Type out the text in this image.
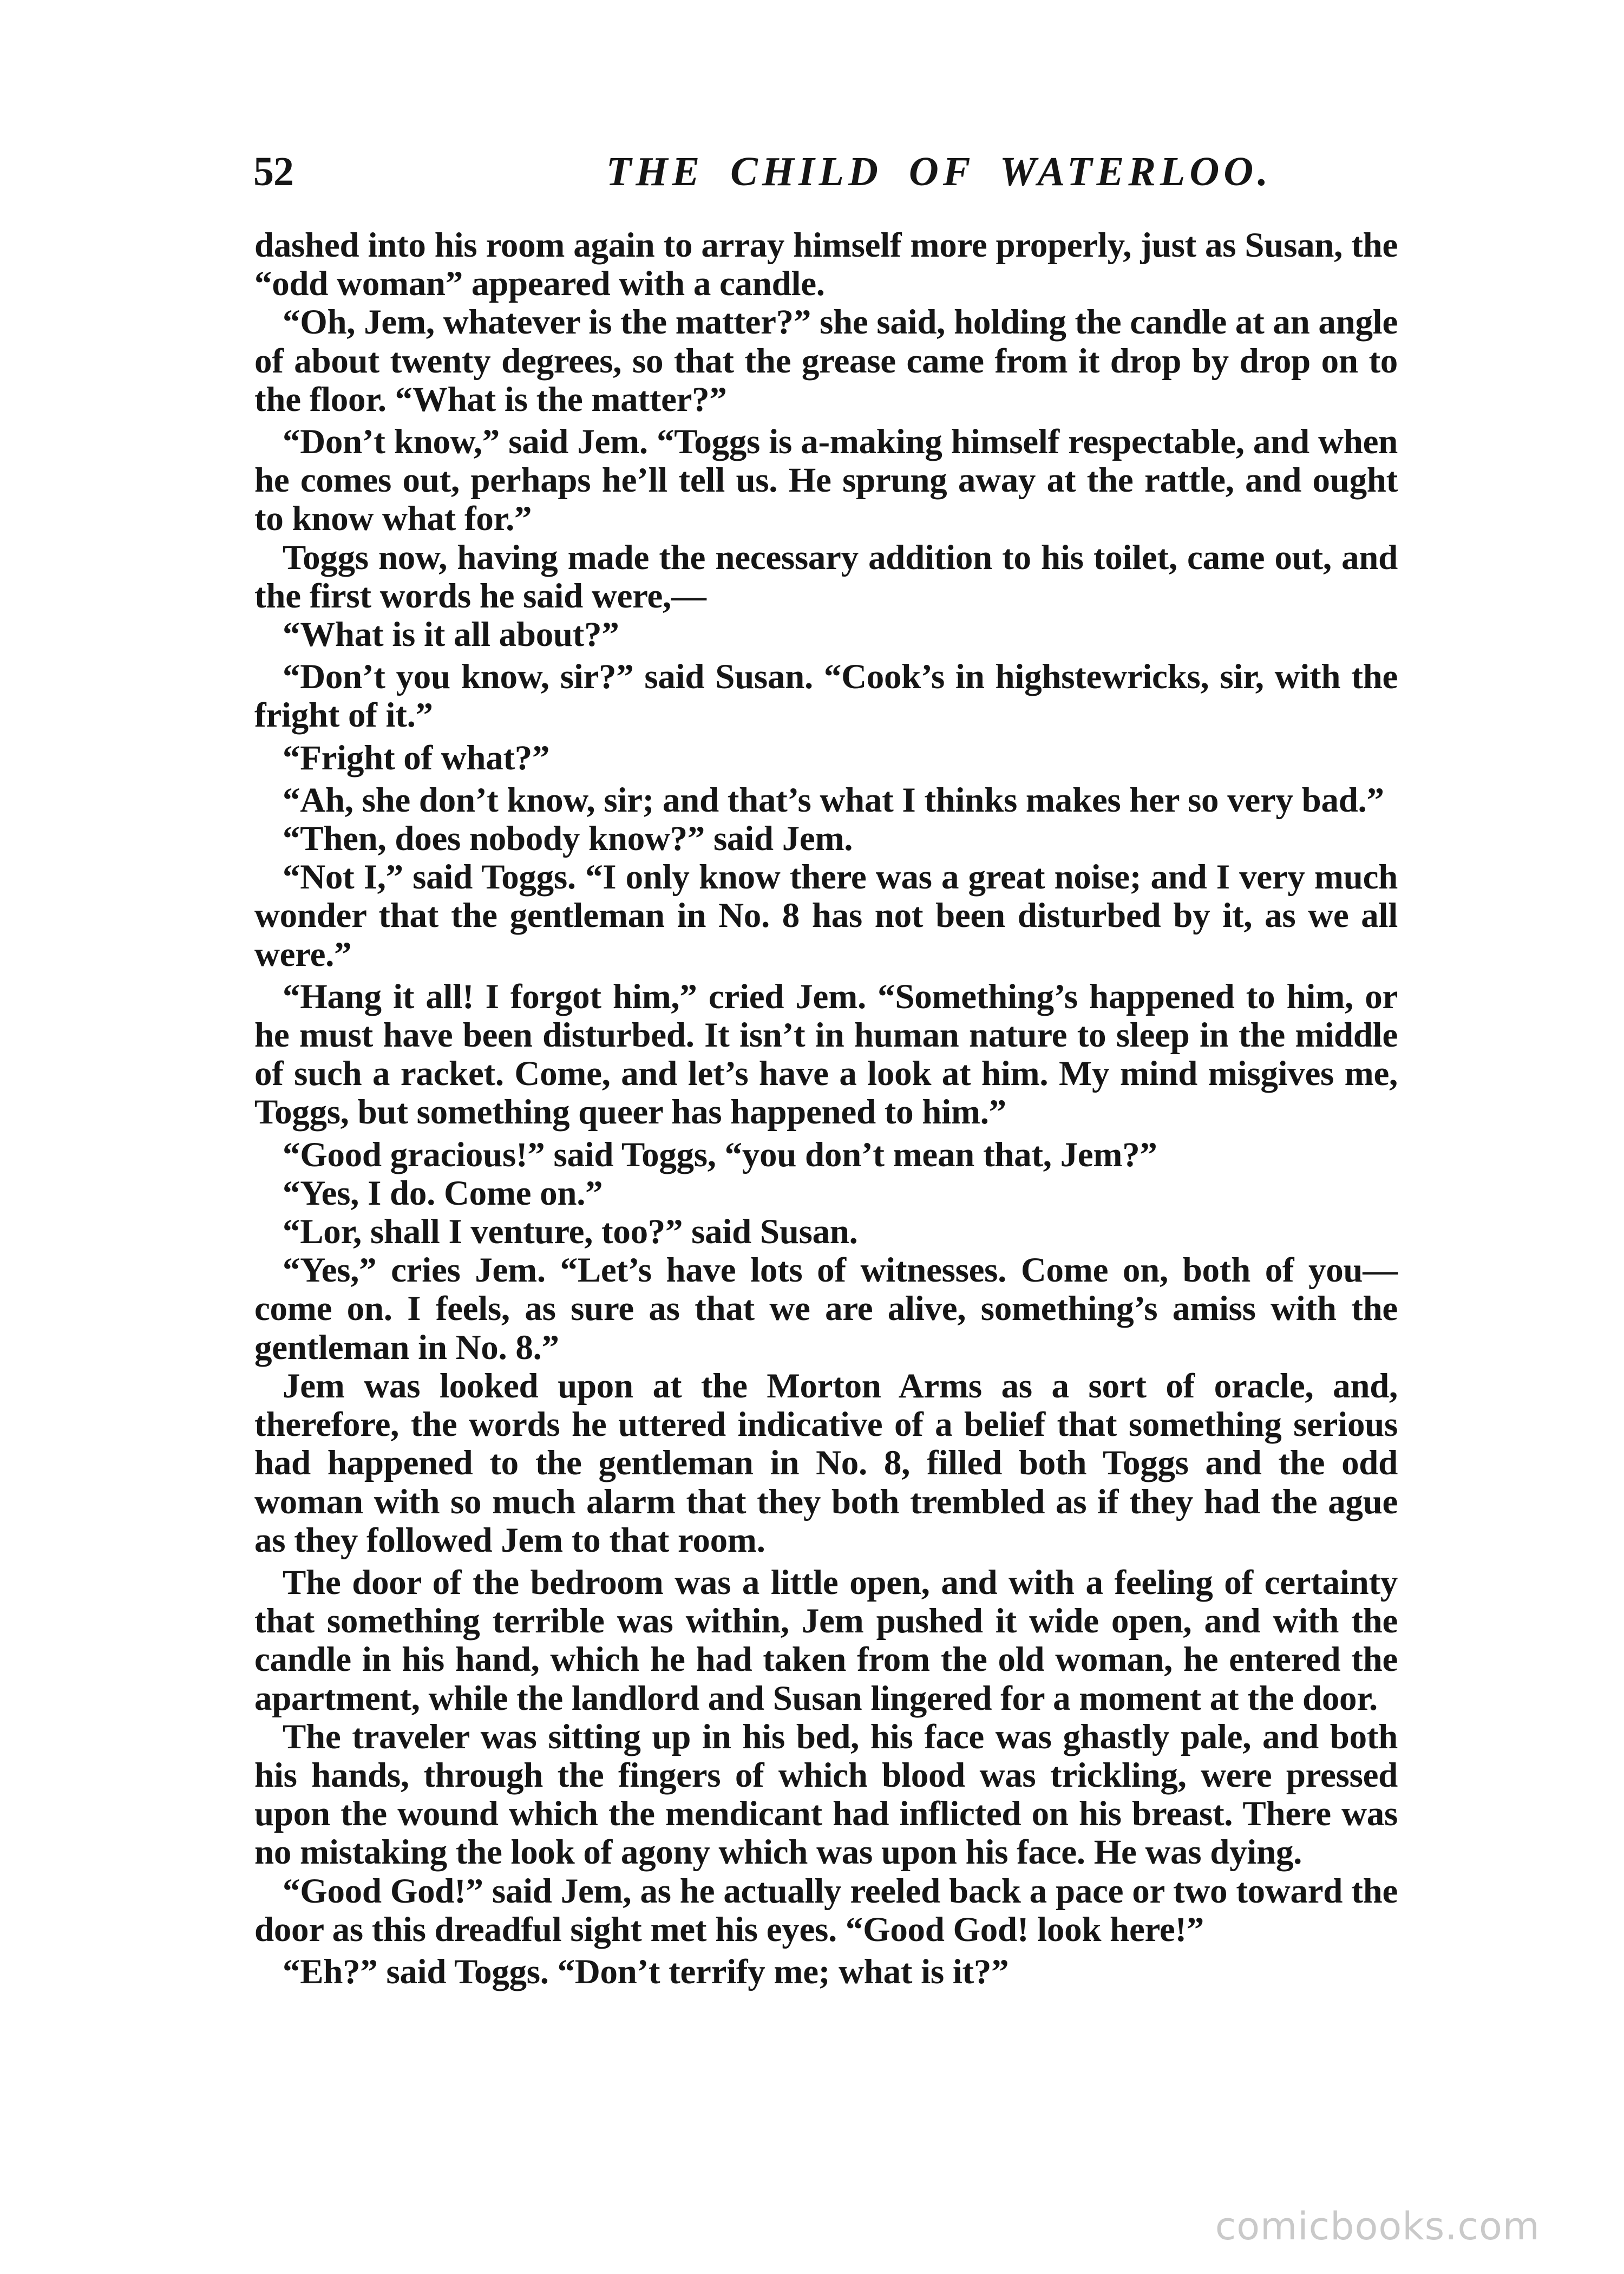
52	THE CHILD OF WATERLOO.

dashed into his room again to array himself more properly, just as Susan, the “odd woman” appeared with a candle.

“Oh, Jem, whatever is the matter?” she said, holding the candle at an angle of about twenty degrees, so that the grease came from it drop by drop on to the floor. “What is the matter?”

“Don’t know,” said Jem. “Toggs is a-making himself respectable, and when he comes out, perhaps he’ll tell us. He sprung away at the rattle, and ought to know what for.”

Toggs now, having made the necessary addition to his toilet, came out, and the first words he said were,—

“What is it all about?”

“Don’t you know, sir?” said Susan. “Cook’s in highstewricks, sir, with the fright of it.”

“Fright of what?”

“Ah, she don’t know, sir; and that’s what I thinks makes her so very bad.”

“Then, does nobody know?” said Jem.

“Not I,” said Toggs. “I only know there was a great noise; and I very much wonder that the gentleman in No. 8 has not been disturbed by it, as we all were.”

“Hang it all! I forgot him,” cried Jem. “Something’s happened to him, or he must have been disturbed. It isn’t in human nature to sleep in the middle of such a racket. Come, and let’s have a look at him. My mind misgives me, Toggs, but something queer has happened to him.”

“Good gracious!” said Toggs, “you don’t mean that, Jem?”

“Yes, I do. Come on.”

“Lor, shall I venture, too?” said Susan.

“Yes,” cries Jem. “Let’s have lots of witnesses. Come on, both of you—come on. I feels, as sure as that we are alive, something’s amiss with the gentleman in No. 8.”

Jem was looked upon at the Morton Arms as a sort of oracle, and, therefore, the words he uttered indicative of a belief that something serious had happened to the gentleman in No. 8, filled both Toggs and the odd woman with so much alarm that they both trembled as if they had the ague as they followed Jem to that room.

The door of the bedroom was a little open, and with a feeling of certainty that something terrible was within, Jem pushed it wide open, and with the candle in his hand, which he had taken from the old woman, he entered the apartment, while the landlord and Susan lingered for a moment at the door.

The traveler was sitting up in his bed, his face was ghastly pale, and both his hands, through the fingers of which blood was trickling, were pressed upon the wound which the mendicant had inflicted on his breast. There was no mistaking the look of agony which was upon his face. He was dying.

“Good God!” said Jem, as he actually reeled back a pace or two toward the door as this dreadful sight met his eyes. “Good God! look here!”

“Eh?” said Toggs. “Don’t terrify me; what is it?”

comicbooks.com
